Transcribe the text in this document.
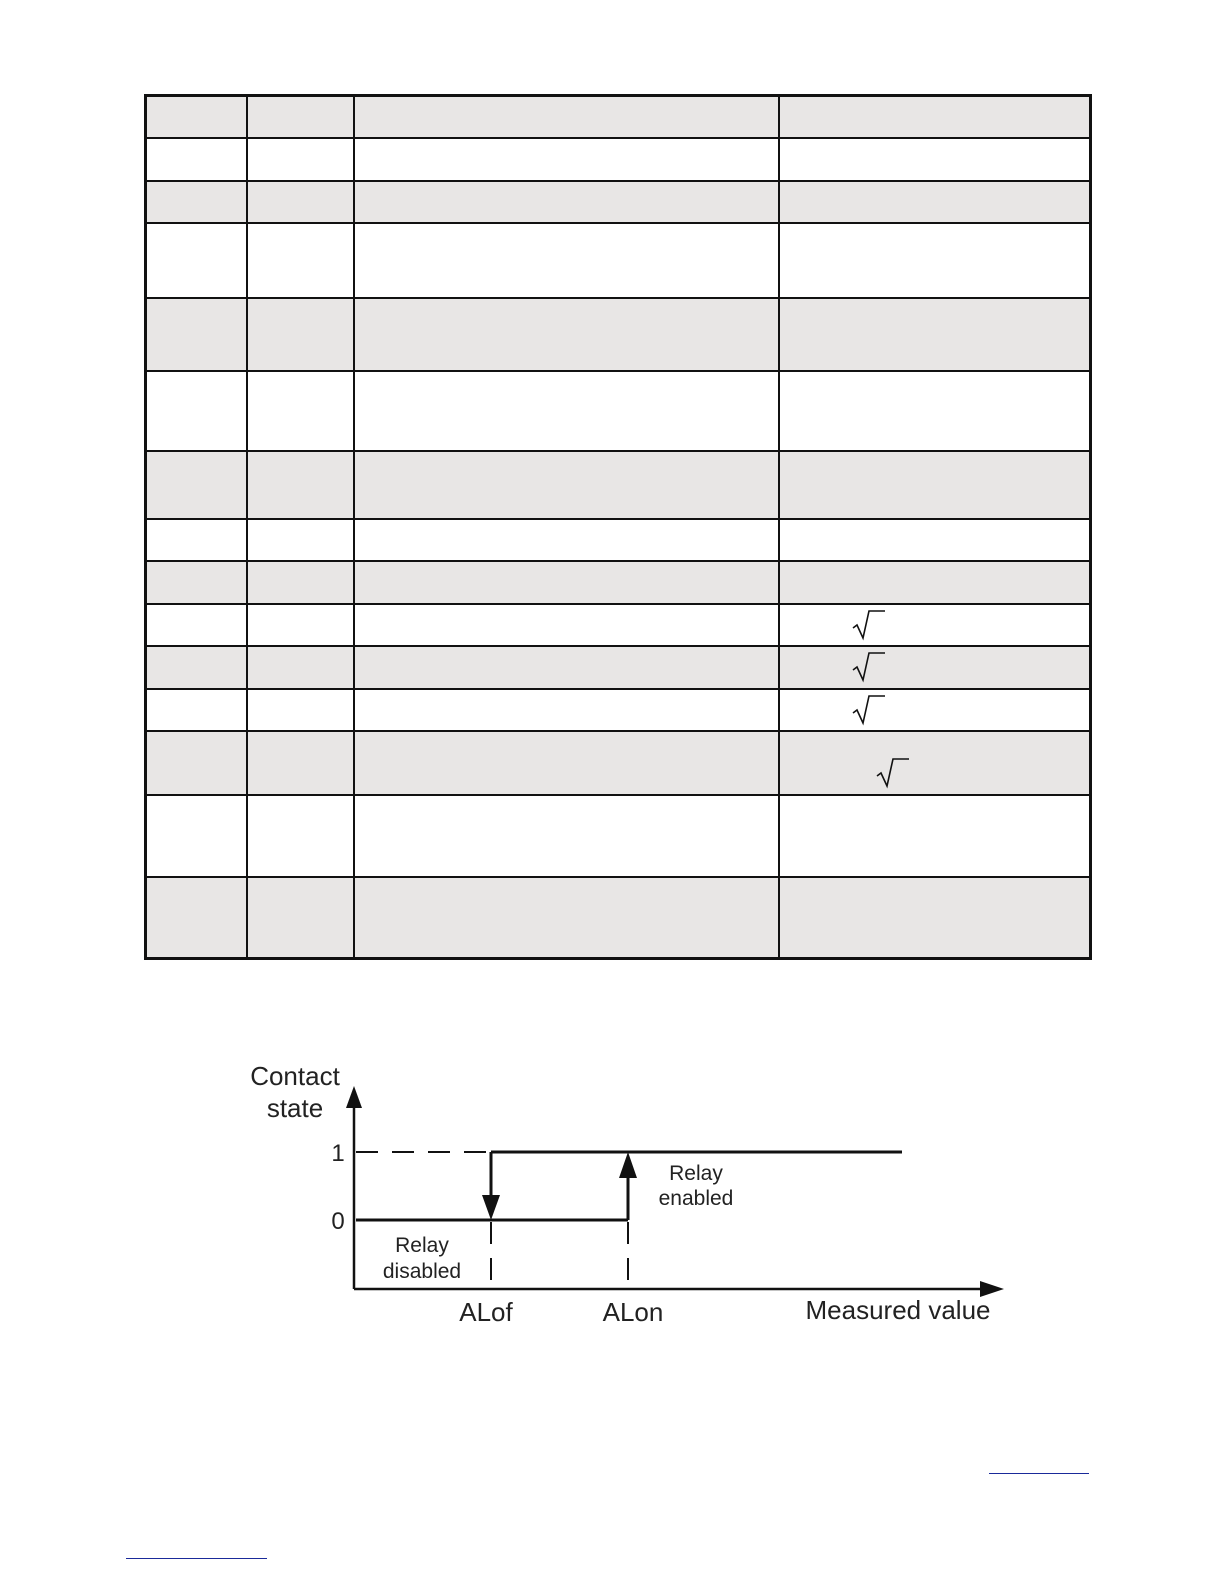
Contact
state
1
0
Relay
enabled
Relay
disabled
ALof	ALon	Measured value
